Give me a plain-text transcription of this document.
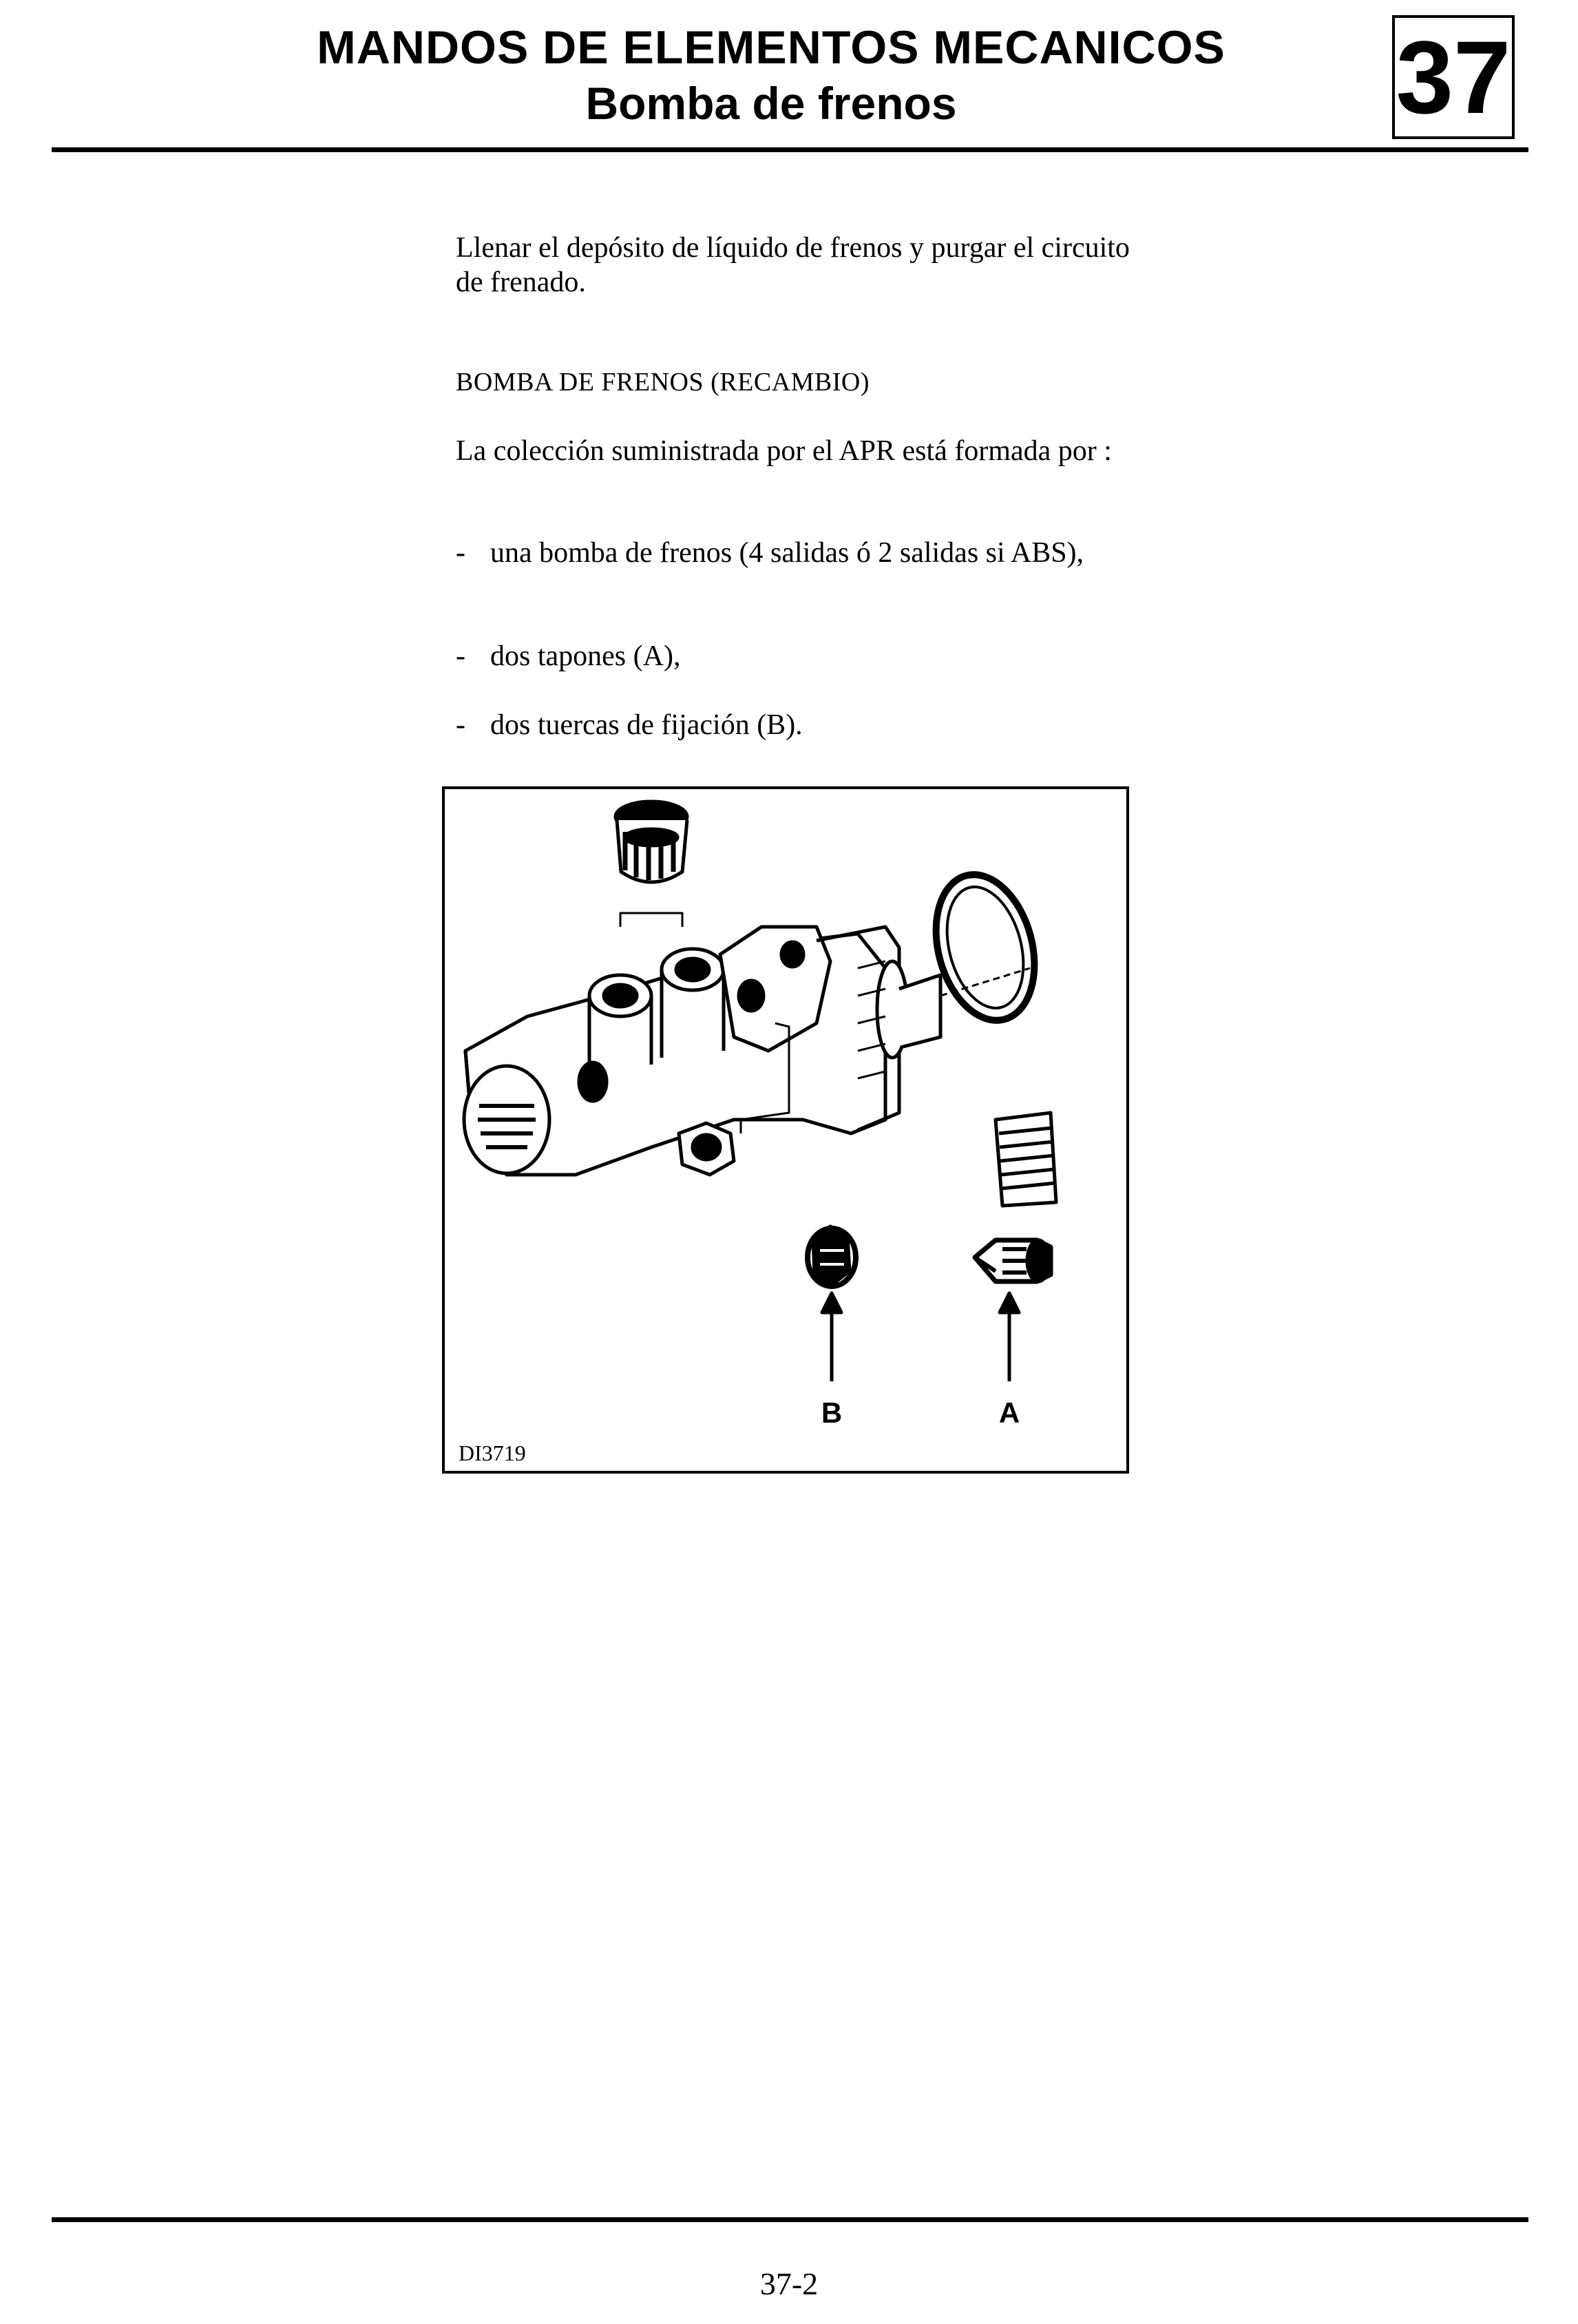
MANDOS DE ELEMENTOS MECANICOS
Bomba de frenos	37
Llenar el depósito de líquido de frenos y purgar el circuito de frenado.
BOMBA DE FRENOS (RECAMBIO)
La colección suministrada por el APR está formada por :
- una bomba de frenos (4 salidas ó 2 salidas si ABS),
- dos tapones (A),
- dos tuercas de fijación (B).
B	A
DI3719
37-2
